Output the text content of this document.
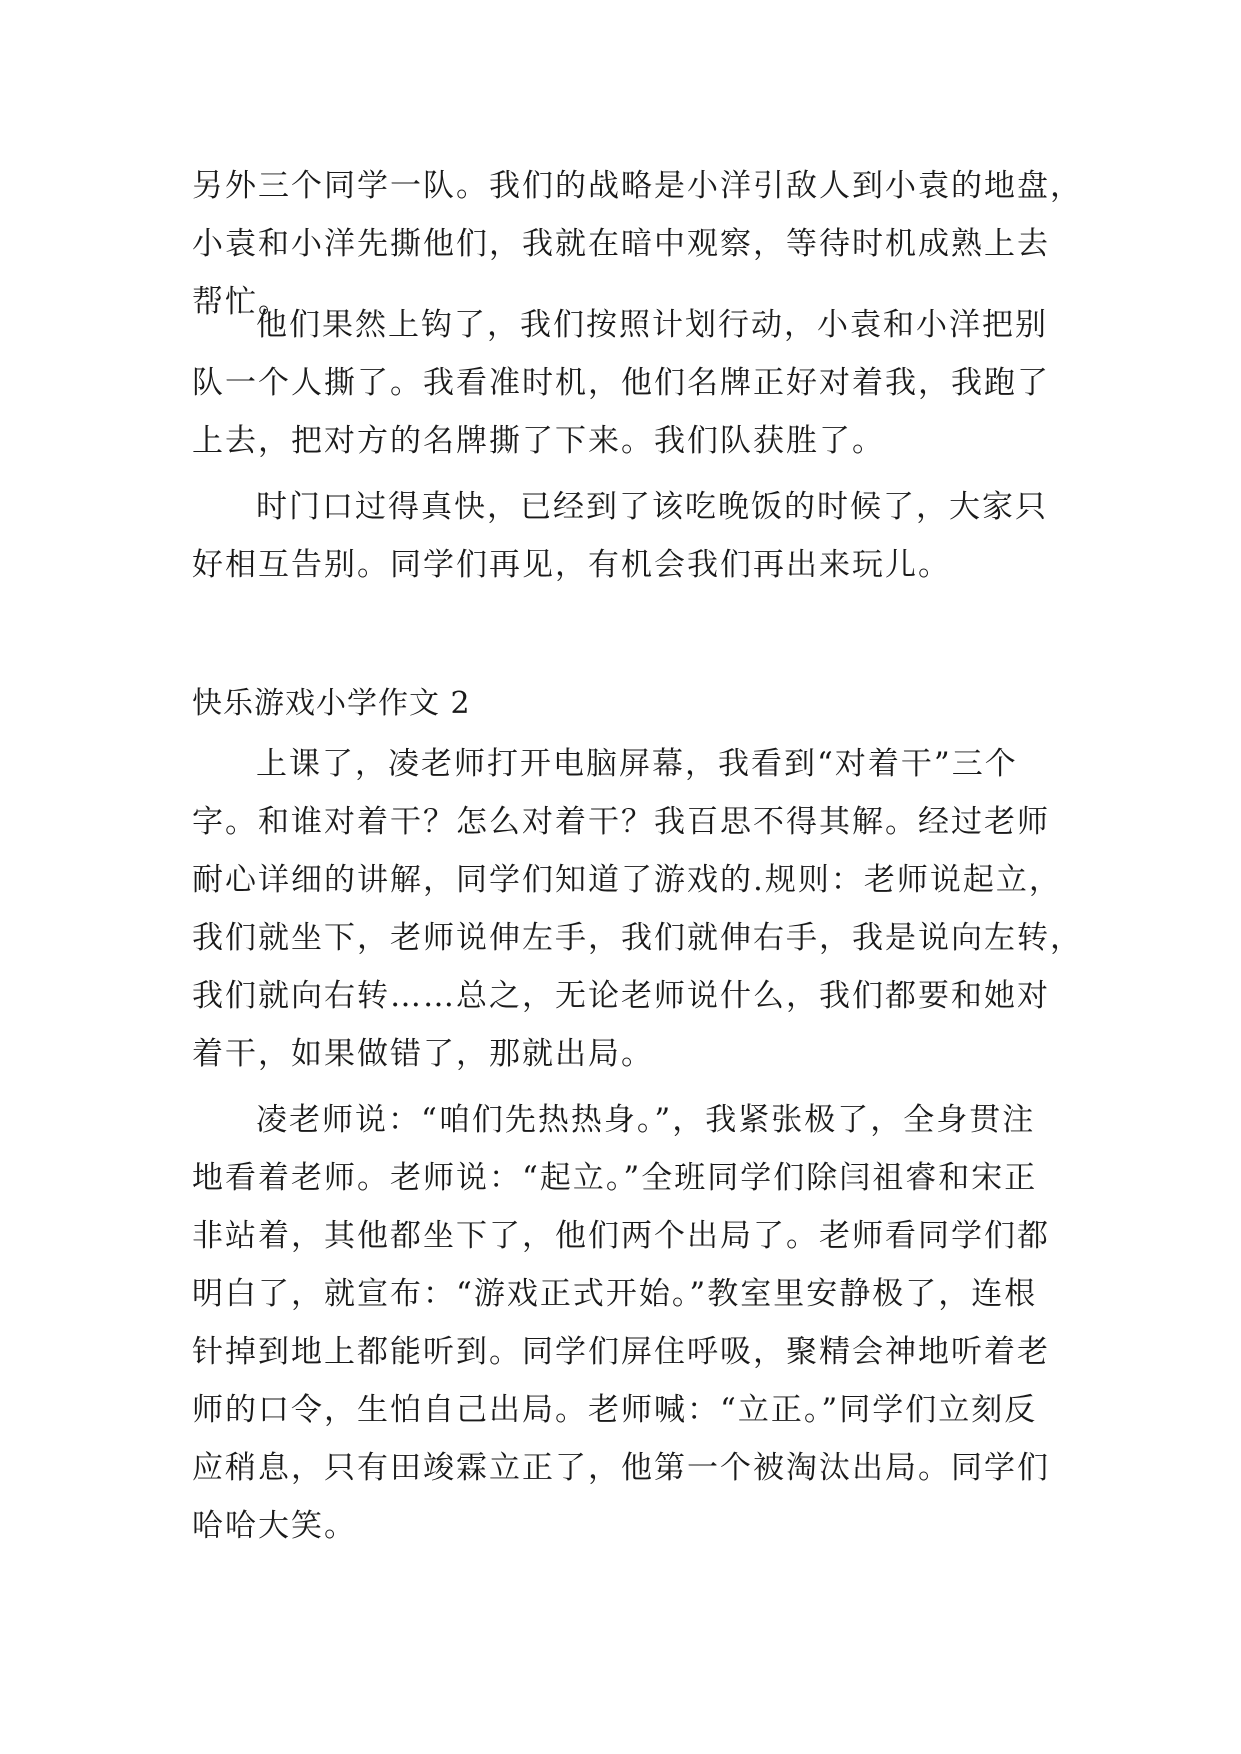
另外三个同学一队。我们的战略是小洋引敌人到小袁的地盘，
小袁和小洋先撕他们，我就在暗中观察，等待时机成熟上去
帮忙。
他们果然上钩了，我们按照计划行动，小袁和小洋把别
队一个人撕了。我看准时机，他们名牌正好对着我，我跑了
上去，把对方的名牌撕了下来。我们队获胜了。
时门口过得真快，已经到了该吃晚饭的时候了，大家只
好相互告别。同学们再见，有机会我们再出来玩儿。
快乐游戏小学作文 2
上课了，凌老师打开电脑屏幕，我看到“对着干”三个
字。和谁对着干？怎么对着干？我百思不得其解。经过老师
耐心详细的讲解，同学们知道了游戏的.规则：老师说起立，
我们就坐下，老师说伸左手，我们就伸右手，我是说向左转，
我们就向右转……总之，无论老师说什么，我们都要和她对
着干，如果做错了，那就出局。
凌老师说：“咱们先热热身。”，我紧张极了，全身贯注
地看着老师。老师说：“起立。”全班同学们除闫祖睿和宋正
非站着，其他都坐下了，他们两个出局了。老师看同学们都
明白了，就宣布：“游戏正式开始。”教室里安静极了，连根
针掉到地上都能听到。同学们屏住呼吸，聚精会神地听着老
师的口令，生怕自己出局。老师喊：“立正。”同学们立刻反
应稍息，只有田竣霖立正了，他第一个被淘汰出局。同学们
哈哈大笑。
